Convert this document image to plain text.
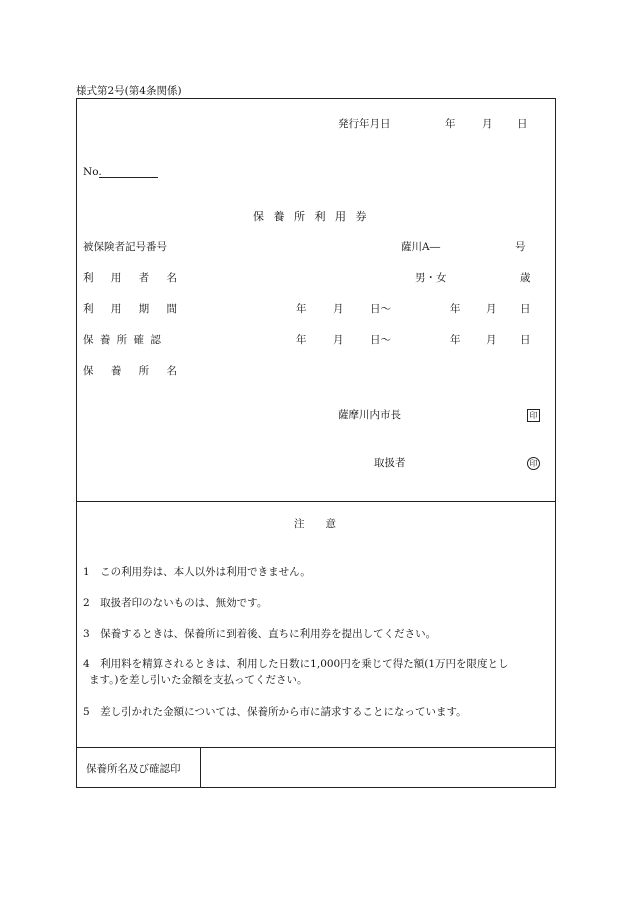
様式第2号(第4条関係)
発行年月日	年	月 日
No.
保 養 所 利 用 券
被保険者記号番号	薩川A―	号
利 用 者 名	男・女	歳
利 用 期 間	年	月	日～	年 月 日
保 養 所 確 認	年	月	日～	年 月 日
保 養 所 名
薩摩川内市長	印
取扱者	印
注　　意
1　この利用券は、本人以外は利用できません。
2　取扱者印のないものは、無効です。
3　保養するときは、保養所に到着後、直ちに利用券を提出してください。
4　利用料を精算されるときは、利用した日数に1,000円を乗じて得た額(1万円を限度とし
ます。)を差し引いた金額を支払ってください。
5　差し引かれた金額については、保養所から市に請求することになっています。
保養所名及び確認印
